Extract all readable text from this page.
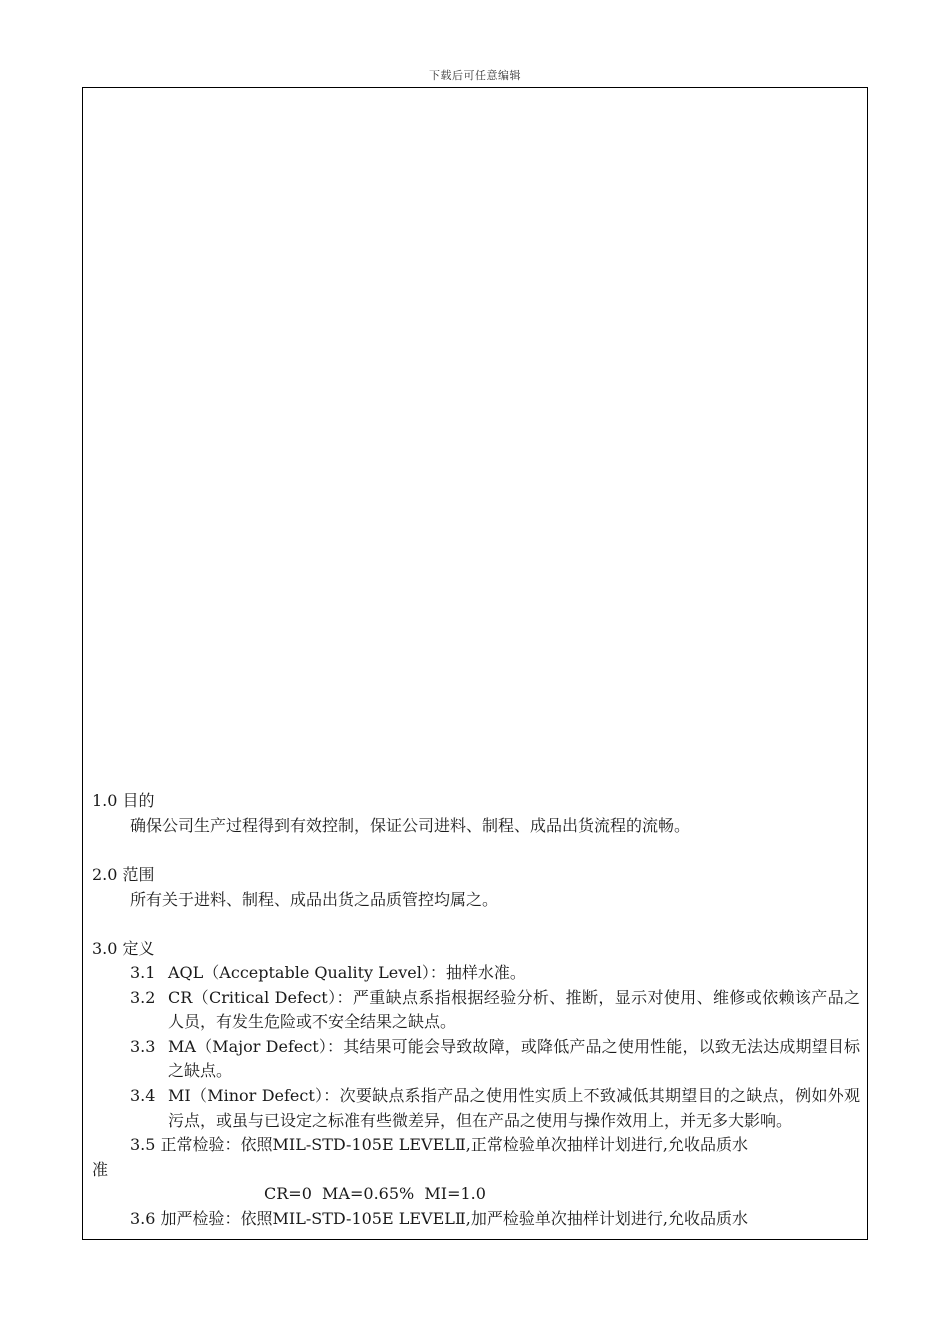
下载后可任意编辑

1.0 目的

确保公司生产过程得到有效控制，保证公司进料、制程、成品出货流程的流畅。

2.0 范围

所有关于进料、制程、成品出货之品质管控均属之。

3.0 定义

3.1 AQL（Acceptable Quality Level）：抽样水准。
3.2 CR（Critical Defect）：严重缺点系指根据经验分析、推断，显示对使用、维修或依赖该产品之人员，有发生危险或不安全结果之缺点。
3.3 MA（Major Defect）：其结果可能会导致故障，或降低产品之使用性能，以致无法达成期望目标之缺点。
3.4 MI（Minor Defect）：次要缺点系指产品之使用性实质上不致减低其期望目的之缺点，例如外观污点，或虽与已设定之标准有些微差异，但在产品之使用与操作效用上，并无多大影响。
3.5 正常检验：依照MIL-STD-105E LEVELⅡ,正常检验单次抽样计划进行,允收品质水
准
CR=0  MA=0.65%  MI=1.0
3.6 加严检验：依照MIL-STD-105E LEVELⅡ,加严检验单次抽样计划进行,允收品质水
